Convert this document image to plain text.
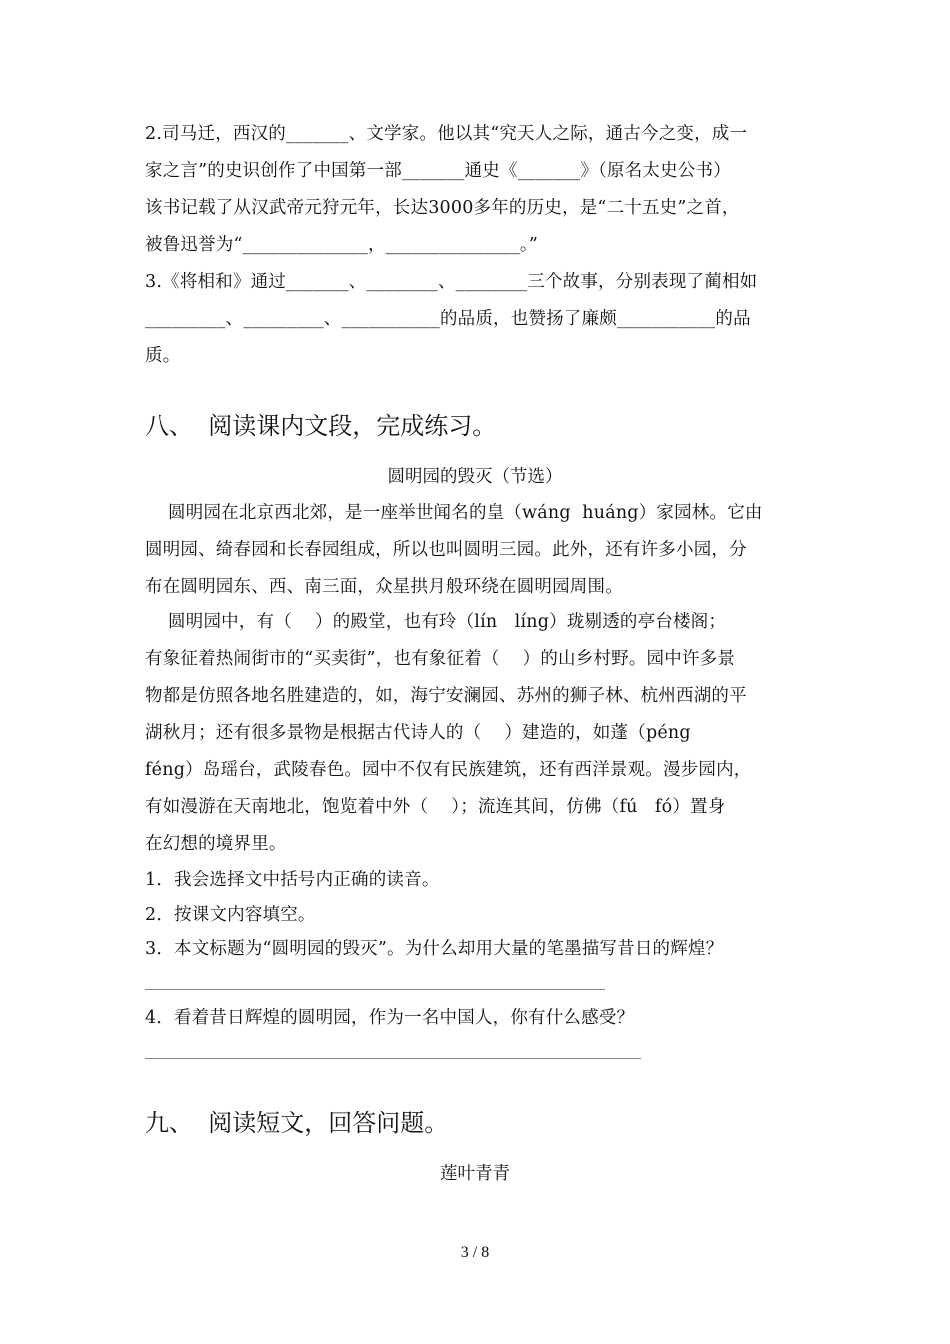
2.司马迁，西汉的_______、文学家。他以其“究天人之际，通古今之变，成一
家之言”的史识创作了中国第一部_______通史《_______》（原名太史公书）
该书记载了从汉武帝元狩元年，长达3000多年的历史，是“二十五史”之首，
被鲁迅誉为“______________，_______________。”
3.《将相和》通过_______、________、________三个故事，分别表现了蔺相如
_________、_________、___________的品质，也赞扬了廉颇___________的品
质。
八、  阅读课内文段，完成练习。
圆明园的毁灭（节选）
圆明园在北京西北郊，是一座举世闻名的皇（wáng  huáng）家园林。它由
圆明园、绮春园和长春园组成，所以也叫圆明三园。此外，还有许多小园，分
布在圆明园东、西、南三面，众星拱月般环绕在圆明园周围。
圆明园中，有（    ）的殿堂，也有玲（lín   líng）珑剔透的亭台楼阁；
有象征着热闹街市的“买卖街”，也有象征着（    ）的山乡村野。园中许多景
物都是仿照各地名胜建造的，如，海宁安澜园、苏州的狮子林、杭州西湖的平
湖秋月；还有很多景物是根据古代诗人的（    ）建造的，如蓬（péng
féng）岛瑶台，武陵春色。园中不仅有民族建筑，还有西洋景观。漫步园内，
有如漫游在天南地北，饱览着中外（    ）；流连其间，仿佛（fú   fó）置身
在幻想的境界里。
1．我会选择文中括号内正确的读音。
2．按课文内容填空。
3．本文标题为“圆明园的毁灭”。为什么却用大量的笔墨描写昔日的辉煌？
4．看着昔日辉煌的圆明园，作为一名中国人，你有什么感受？
九、  阅读短文，回答问题。
莲叶青青
3 / 8
